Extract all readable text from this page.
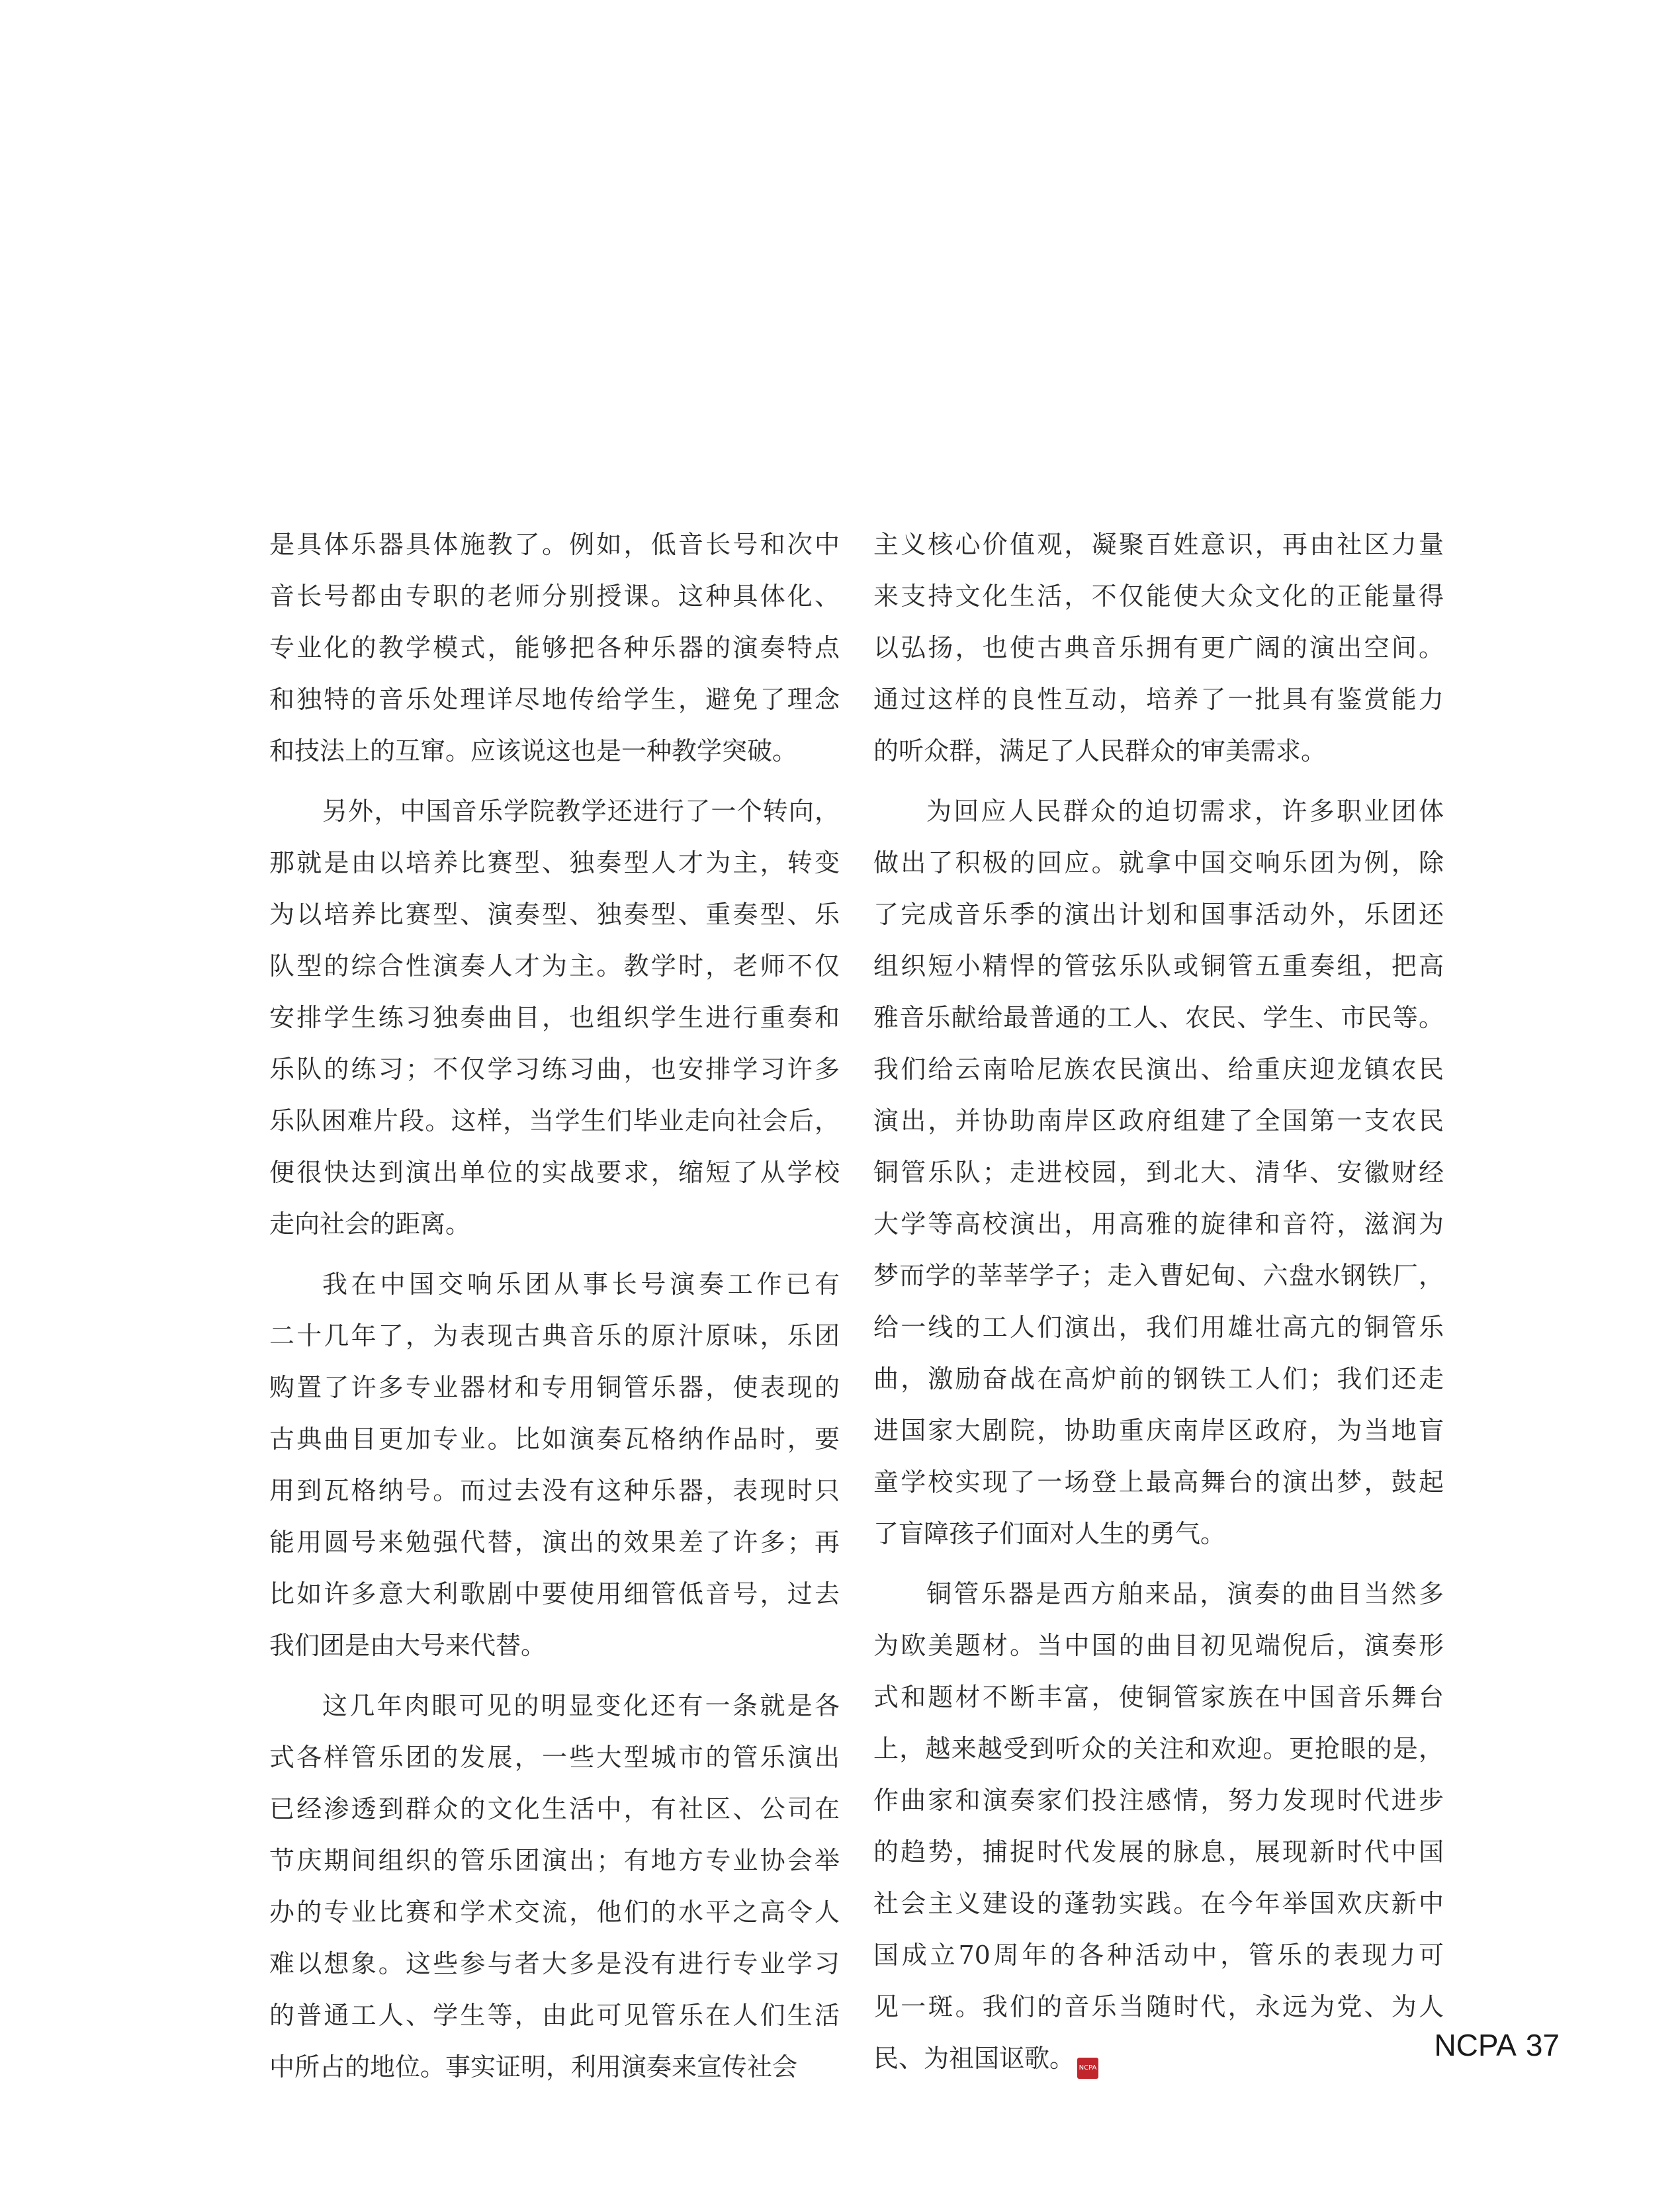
是具体乐器具体施教了。例如，低音长号和次中
音长号都由专职的老师分别授课。这种具体化、
专业化的教学模式，能够把各种乐器的演奏特点
和独特的音乐处理详尽地传给学生，避免了理念
和技法上的互窜。应该说这也是一种教学突破。
另外，中国音乐学院教学还进行了一个转向，
那就是由以培养比赛型、独奏型人才为主，转变
为以培养比赛型、演奏型、独奏型、重奏型、乐
队型的综合性演奏人才为主。教学时，老师不仅
安排学生练习独奏曲目，也组织学生进行重奏和
乐队的练习；不仅学习练习曲，也安排学习许多
乐队困难片段。这样，当学生们毕业走向社会后，
便很快达到演出单位的实战要求，缩短了从学校
走向社会的距离。
我在中国交响乐团从事长号演奏工作已有
二十几年了，为表现古典音乐的原汁原味，乐团
购置了许多专业器材和专用铜管乐器，使表现的
古典曲目更加专业。比如演奏瓦格纳作品时，要
用到瓦格纳号。而过去没有这种乐器，表现时只
能用圆号来勉强代替，演出的效果差了许多；再
比如许多意大利歌剧中要使用细管低音号，过去
我们团是由大号来代替。
这几年肉眼可见的明显变化还有一条就是各
式各样管乐团的发展，一些大型城市的管乐演出
已经渗透到群众的文化生活中，有社区、公司在
节庆期间组织的管乐团演出；有地方专业协会举
办的专业比赛和学术交流，他们的水平之高令人
难以想象。这些参与者大多是没有进行专业学习
的普通工人、学生等，由此可见管乐在人们生活
中所占的地位。事实证明，利用演奏来宣传社会
主义核心价值观，凝聚百姓意识，再由社区力量
来支持文化生活，不仅能使大众文化的正能量得
以弘扬，也使古典音乐拥有更广阔的演出空间。
通过这样的良性互动，培养了一批具有鉴赏能力
的听众群，满足了人民群众的审美需求。
为回应人民群众的迫切需求，许多职业团体
做出了积极的回应。就拿中国交响乐团为例，除
了完成音乐季的演出计划和国事活动外，乐团还
组织短小精悍的管弦乐队或铜管五重奏组，把高
雅音乐献给最普通的工人、农民、学生、市民等。
我们给云南哈尼族农民演出、给重庆迎龙镇农民
演出，并协助南岸区政府组建了全国第一支农民
铜管乐队；走进校园，到北大、清华、安徽财经
大学等高校演出，用高雅的旋律和音符，滋润为
梦而学的莘莘学子；走入曹妃甸、六盘水钢铁厂，
给一线的工人们演出，我们用雄壮高亢的铜管乐
曲，激励奋战在高炉前的钢铁工人们；我们还走
进国家大剧院，协助重庆南岸区政府，为当地盲
童学校实现了一场登上最高舞台的演出梦，鼓起
了盲障孩子们面对人生的勇气。
铜管乐器是西方舶来品，演奏的曲目当然多
为欧美题材。当中国的曲目初见端倪后，演奏形
式和题材不断丰富，使铜管家族在中国音乐舞台
上，越来越受到听众的关注和欢迎。更抢眼的是，
作曲家和演奏家们投注感情，努力发现时代进步
的趋势，捕捉时代发展的脉息，展现新时代中国
社会主义建设的蓬勃实践。在今年举国欢庆新中
国成立70周年的各种活动中，管乐的表现力可
见一斑。我们的音乐当随时代，永远为党、为人
民、为祖国讴歌。 NCPA
NCPA 37
